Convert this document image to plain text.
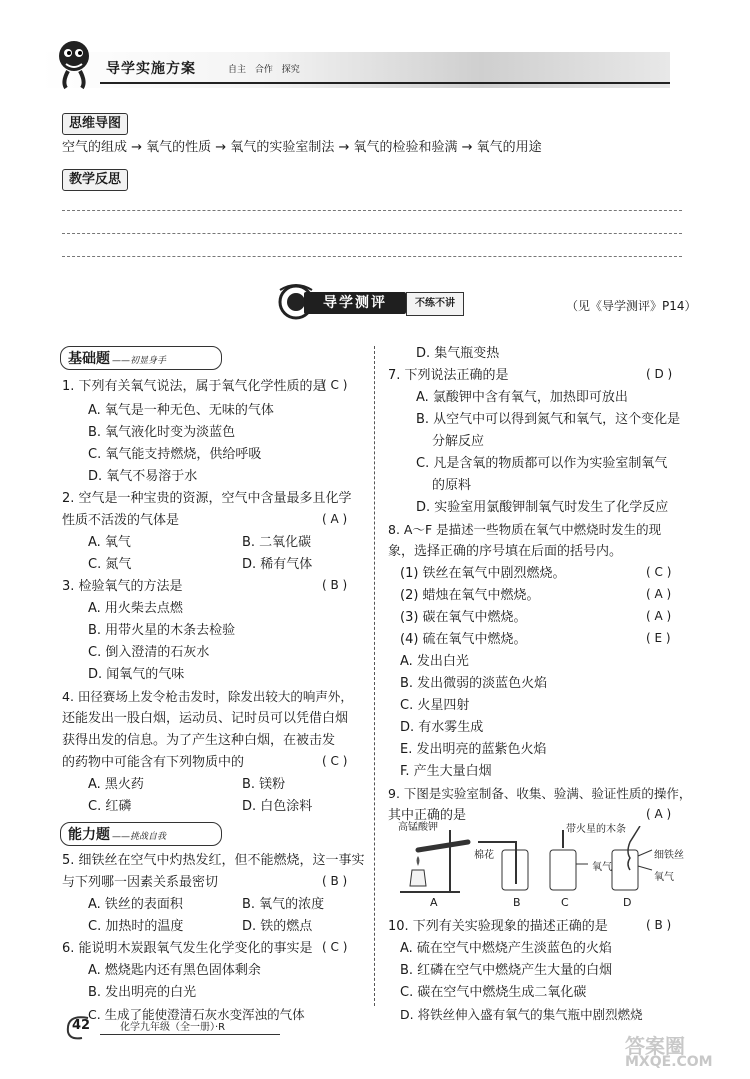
导学实施方案	自主 合作 探究
思维导图
空气的组成 → 氧气的性质 → 氧气的实验室制法 → 氧气的检验和验满 → 氧气的用途
教学反思
导学测评	不练不讲	（见《导学测评》P14）
基础题 ——初显身手
1. 下列有关氧气说法，属于氧气化学性质的是
( C )
A. 氧气是一种无色、无味的气体
B. 氧气液化时变为淡蓝色
C. 氧气能支持燃烧，供给呼吸
D. 氧气不易溶于水
2. 空气是一种宝贵的资源，空气中含量最多且化学
性质不活泼的气体是	( A )
A. 氧气	B. 二氧化碳
C. 氮气	D. 稀有气体
3. 检验氧气的方法是	( B )
A. 用火柴去点燃
B. 用带火星的木条去检验
C. 倒入澄清的石灰水
D. 闻氧气的气味
4. 田径赛场上发令枪击发时，除发出较大的响声外，
还能发出一股白烟，运动员、记时员可以凭借白烟
获得出发的信息。为了产生这种白烟，在被击发
的药物中可能含有下列物质中的	( C )
A. 黑火药	B. 镁粉
C. 红磷	D. 白色涂料
能力题 ——挑战自我
5. 细铁丝在空气中灼热发红，但不能燃烧，这一事实
与下列哪一因素关系最密切	( B )
A. 铁丝的表面积	B. 氧气的浓度
C. 加热时的温度	D. 铁的燃点
6. 能说明木炭跟氧气发生化学变化的事实是 ( C )
A. 燃烧匙内还有黑色固体剩余
B. 发出明亮的白光
C. 生成了能使澄清石灰水变浑浊的气体
D. 集气瓶变热
7. 下列说法正确的是	( D )
A. 氯酸钾中含有氧气，加热即可放出
B. 从空气中可以得到氮气和氧气，这个变化是
分解反应
C. 凡是含氧的物质都可以作为实验室制氧气
的原料
D. 实验室用氯酸钾制氧气时发生了化学反应
8. A～F 是描述一些物质在氧气中燃烧时发生的现
象，选择正确的序号填在后面的括号内。
(1) 铁丝在氧气中剧烈燃烧。	( C )
(2) 蜡烛在氧气中燃烧。	( A )
(3) 碳在氧气中燃烧。	( A )
(4) 硫在氧气中燃烧。	( E )
A. 发出白光
B. 发出微弱的淡蓝色火焰
C. 火星四射
D. 有水雾生成
E. 发出明亮的蓝紫色火焰
F. 产生大量白烟
9. 下图是实验室制备、收集、验满、验证性质的操作，
其中正确的是	( A )
高锰酸钾
棉花
带火星的木条
氧气
细铁丝
氧气
A	B	C	D
10. 下列有关实验现象的描述正确的是	( B )
A. 硫在空气中燃烧产生淡蓝色的火焰
B. 红磷在空气中燃烧产生大量的白烟
C. 碳在空气中燃烧生成二氧化碳
D. 将铁丝伸入盛有氧气的集气瓶中剧烈燃烧
42	化学九年级（全一册）·R
答案圈
MXQE.COM
